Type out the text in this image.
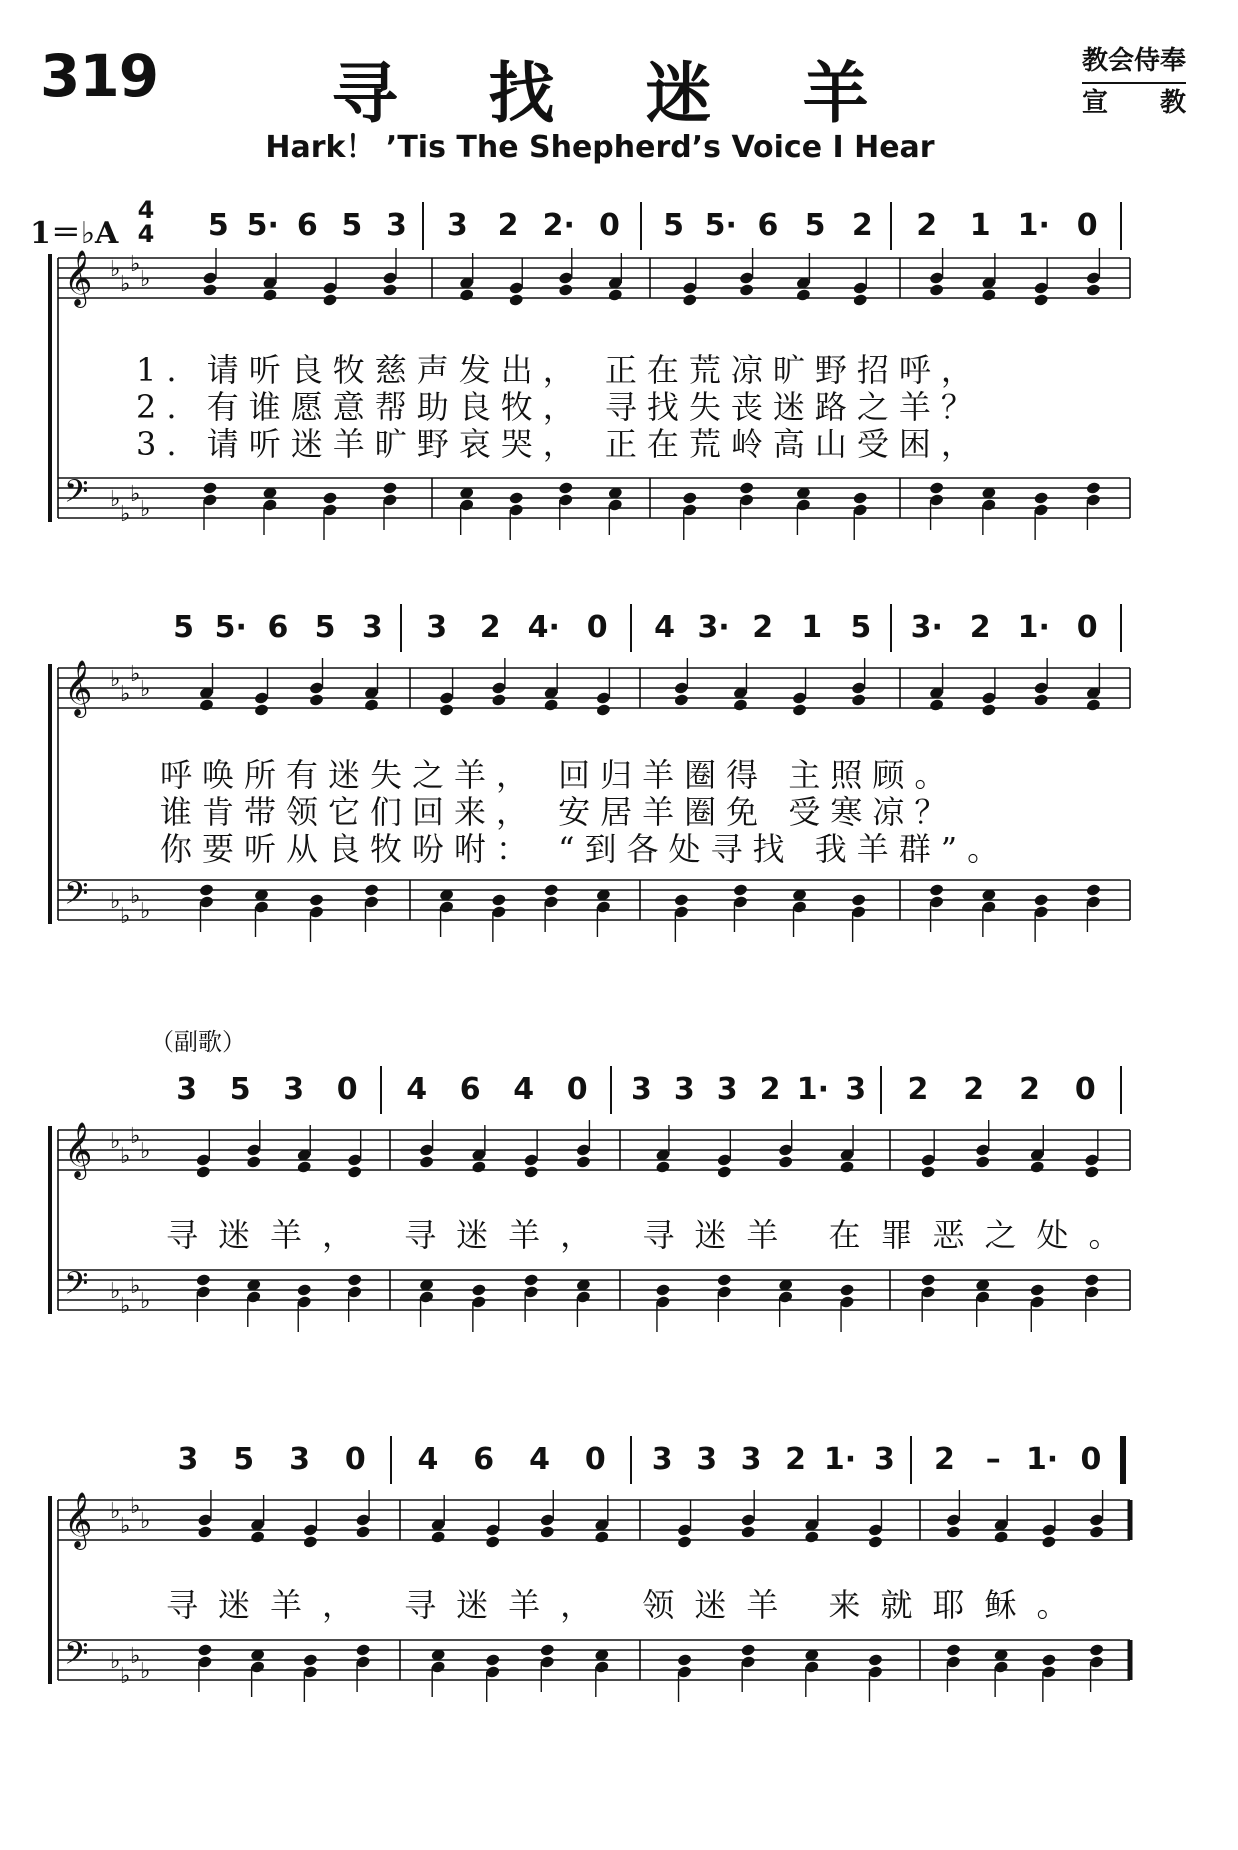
319	寻 找 迷 羊
Hark！ ’Tis The Shepherd’s Voice I Hear
教会侍奉
宣教
1＝♭A
4
4
（副歌）
5 5· 6 5 3 3 2 2· 0 5 5· 6 5 2 2 1 1· 0
5 5· 6 5 3 3 2 4· 0 4 3· 2 1 5 3· 2 1· 0
3 5 3 0 4 6 4 0 3 3 3 2 1· 3 2 2 2 0
3 5 3 0 4 6 4 0 3 3 3 2 1· 3 2 – 1· 0
𝄞 ♭
♭
♭
♭
𝄢 ♭
♭
♭
♭
𝄞 ♭
♭
♭
♭
𝄢 ♭
♭
♭
♭
𝄞 ♭
♭
♭
♭
𝄢 ♭
♭
♭
♭
𝄞 ♭
♭
♭
♭
𝄢 ♭
♭
♭
♭
1. 请听良牧慈声发出， 正在荒凉旷野招呼，
2. 有谁愿意帮助良牧， 寻找失丧迷路之羊？
3. 请听迷羊旷野哀哭， 正在荒岭高山受困，
呼唤所有迷失之羊， 回归羊圈得 主照顾。
谁肯带领它们回来， 安居羊圈免 受寒凉？
你要听从良牧吩咐： “到各处寻找 我羊群”。
寻迷羊， 寻迷羊， 寻迷羊 在罪恶之处。
寻迷羊， 寻迷羊， 领迷羊 来就耶稣。
